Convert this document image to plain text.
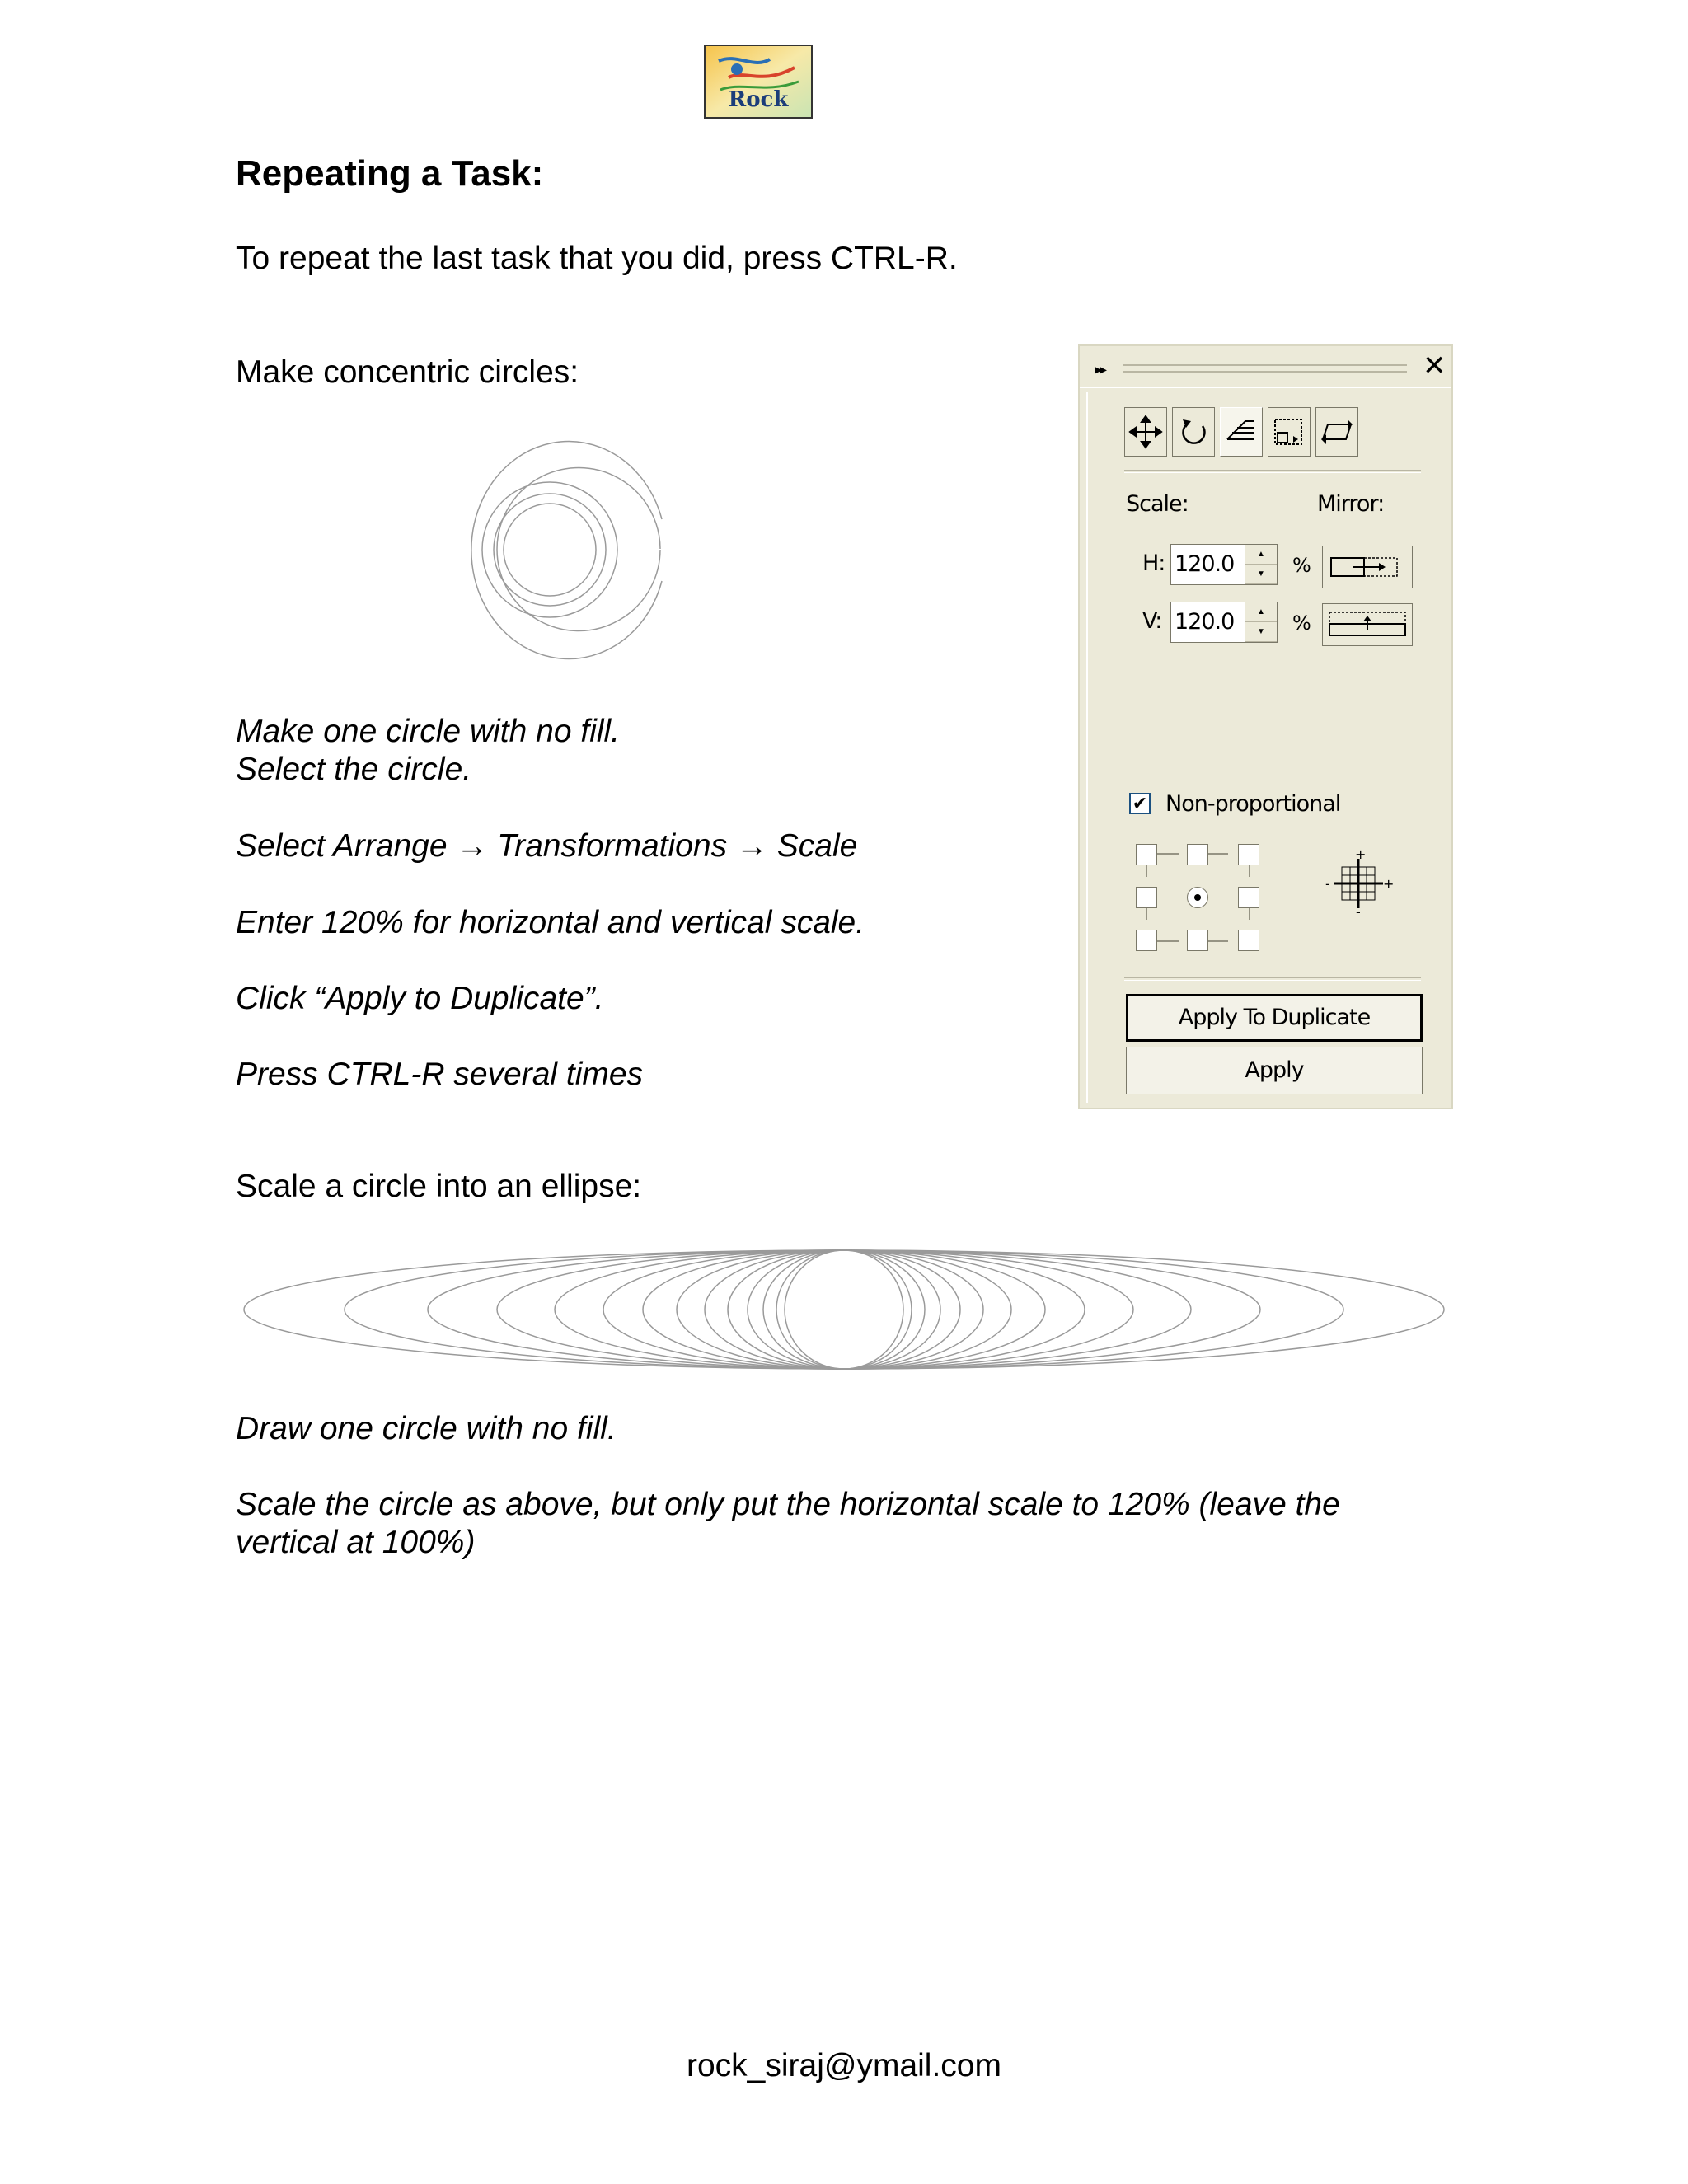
Rock
Repeating a Task:
To repeat the last task that you did, press CTRL-R.
Make concentric circles:
Make one circle with no fill.
Select the circle.
Select Arrange → Transformations → Scale
Enter 120% for horizontal and vertical scale.
Click “Apply to Duplicate”.
Press CTRL-R several times
▸▸	✕
Scale:	Mirror:
H:
120.0	▲
▼	%
V:
120.0	▲
▼	%
✔ Non-proportional
+
+
-
-
Apply To Duplicate
Apply
Scale a circle into an ellipse:
Draw one circle with no fill.
Scale the circle as above, but only put the horizontal scale to 120% (leave the
vertical at 100%)
rock_siraj@ymail.com
